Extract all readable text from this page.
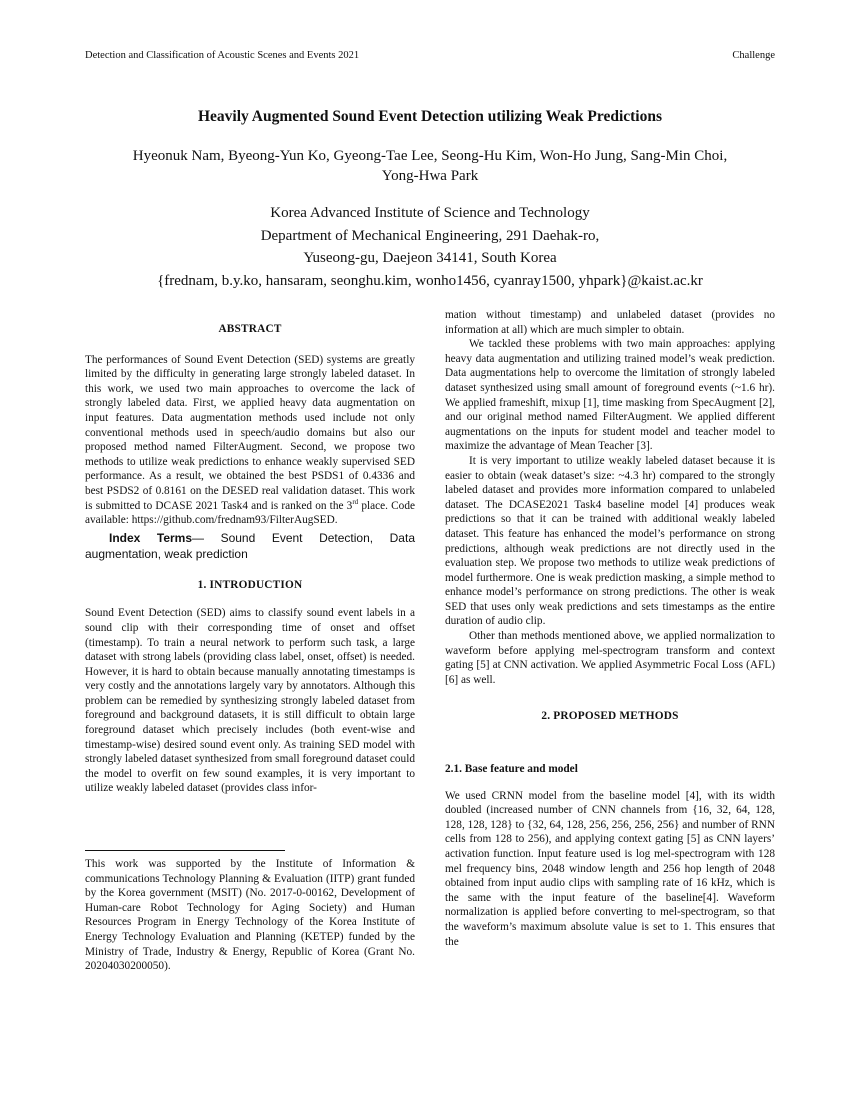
Detection and Classification of Acoustic Scenes and Events 2021	Challenge
Heavily Augmented Sound Event Detection utilizing Weak Predictions
Hyeonuk Nam, Byeong-Yun Ko, Gyeong-Tae Lee, Seong-Hu Kim, Won-Ho Jung, Sang-Min Choi,
Yong-Hwa Park
Korea Advanced Institute of Science and Technology
Department of Mechanical Engineering, 291 Daehak-ro,
Yuseong-gu, Daejeon 34141, South Korea
{frednam, b.y.ko, hansaram, seonghu.kim, wonho1456, cyanray1500, yhpark}@kaist.ac.kr

ABSTRACT

The performances of Sound Event Detection (SED) systems are greatly limited by the difficulty in generating large strongly labeled dataset. In this work, we used two main approaches to overcome the lack of strongly labeled data. First, we applied heavy data augmentation on input features. Data augmentation methods used include not only conventional methods used in speech/audio domains but also our proposed method named FilterAugment. Second, we propose two methods to utilize weak predictions to enhance weakly supervised SED performance. As a result, we obtained the best PSDS1 of 0.4336 and best PSDS2 of 0.8161 on the DESED real validation dataset. This work is submitted to DCASE 2021 Task4 and is ranked on the 3rd place. Code available: https://github.com/frednam93/FilterAugSED.

Index Terms— Sound Event Detection, Data augmentation, weak prediction

1. INTRODUCTION

Sound Event Detection (SED) aims to classify sound event labels in a sound clip with their corresponding time of onset and offset (timestamp). To train a neural network to perform such task, a large dataset with strong labels (providing class label, onset, offset) is needed. However, it is hard to obtain because manually annotating timestamps is very costly and the annotations largely vary by annotators. Although this problem can be remedied by synthesizing strongly labeled dataset from foreground and background datasets, it is still difficult to obtain large foreground dataset which precisely includes (both event-wise and timestamp-wise) desired sound event only. As training SED model with strongly labeled dataset synthesized from small foreground dataset could the model to overfit on few sound examples, it is very important to utilize weakly labeled dataset (provides class infor-

This work was supported by the Institute of Information & communications Technology Planning & Evaluation (IITP) grant funded by the Korea government (MSIT) (No. 2017-0-00162, Development of Human-care Robot Technology for Aging Society) and Human Resources Program in Energy Technology of the Korea Institute of Energy Technology Evaluation and Planning (KETEP) funded by the Ministry of Trade, Industry & Energy, Republic of Korea (Grant No. 20204030200050).

mation without timestamp) and unlabeled dataset (provides no information at all) which are much simpler to obtain.

We tackled these problems with two main approaches: applying heavy data augmentation and utilizing trained model’s weak prediction. Data augmentations help to overcome the limitation of strongly labeled dataset synthesized using small amount of foreground events (~1.6 hr). We applied frameshift, mixup [1], time masking from SpecAugment [2], and our original method named FilterAugment. We applied different augmentations on the inputs for student model and teacher model to maximize the advantage of Mean Teacher [3].

It is very important to utilize weakly labeled dataset because it is easier to obtain (weak dataset’s size: ~4.3 hr) compared to the strongly labeled dataset and provides more information compared to unlabeled dataset. The DCASE2021 Task4 baseline model [4] produces weak predictions so that it can be trained with additional weakly labeled dataset. This feature has enhanced the model’s performance on strong predictions, although weak predictions are not directly used in the evaluation step. We propose two methods to utilize weak predictions of model furthermore. One is weak prediction masking, a simple method to enhance model’s performance on strong predictions. The other is weak SED that uses only weak predictions and sets timestamps as the entire duration of audio clip.

Other than methods mentioned above, we applied normalization to waveform before applying mel-spectrogram transform and context gating [5] at CNN activation. We applied Asymmetric Focal Loss (AFL) [6] as well.

2. PROPOSED METHODS

2.1. Base feature and model

We used CRNN model from the baseline model [4], with its width doubled (increased number of CNN channels from {16, 32, 64, 128, 128, 128, 128} to {32, 64, 128, 256, 256, 256, 256} and number of RNN cells from 128 to 256), and applying context gating [5] as CNN layers’ activation function. Input feature used is log mel-spectrogram with 128 mel frequency bins, 2048 window length and 256 hop length of 2048 obtained from input audio clips with sampling rate of 16 kHz, which is the same with the input feature of the baseline[4]. Waveform normalization is applied before converting to mel-spectrogram, so that the waveform’s maximum absolute value is set to 1. This ensures that the
